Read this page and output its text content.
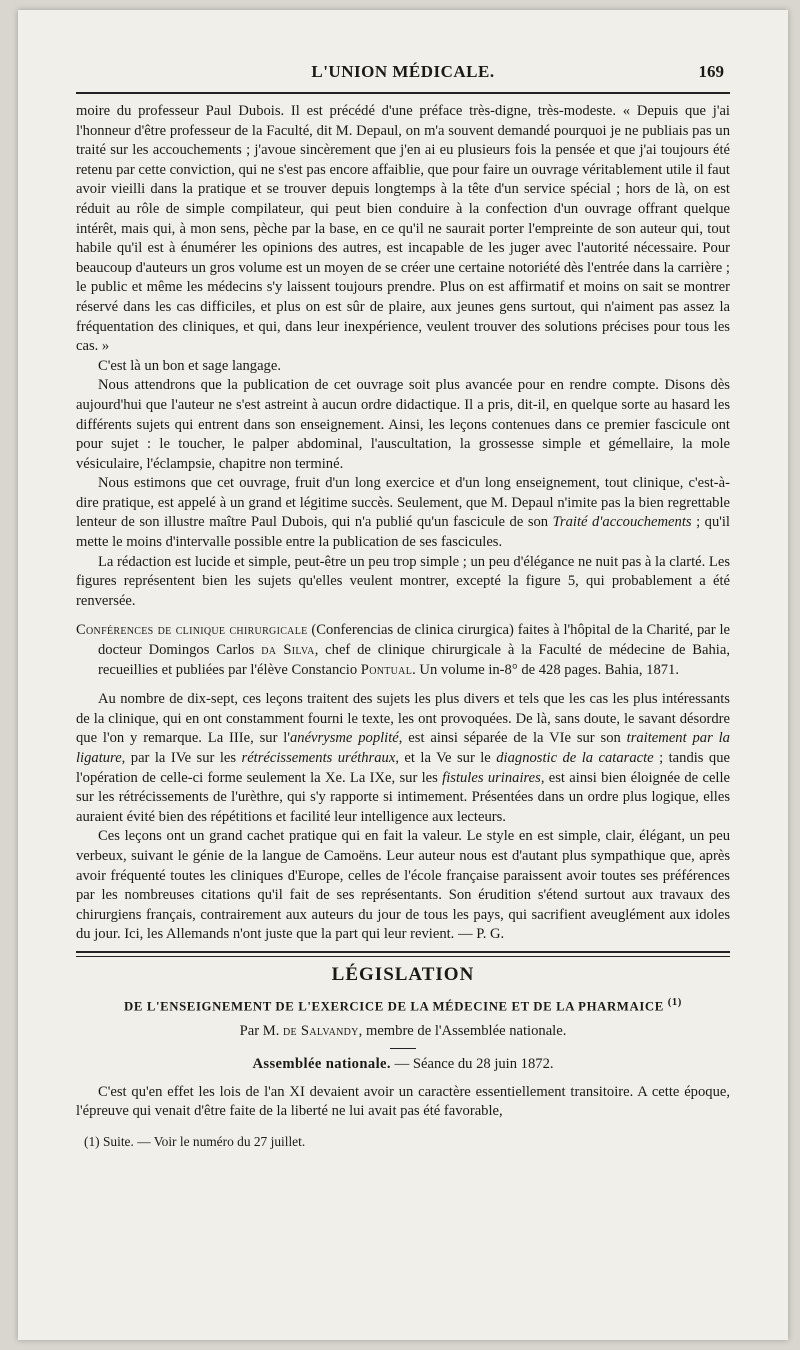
L'UNION MÉDICALE.	169

moire du professeur Paul Dubois. Il est précédé d'une préface très-digne, très-modeste. « Depuis que j'ai l'honneur d'être professeur de la Faculté, dit M. Depaul, on m'a souvent demandé pourquoi je ne publiais pas un traité sur les accouchements ; j'avoue sincèrement que j'en ai eu plusieurs fois la pensée et que j'ai toujours été retenu par cette conviction, qui ne s'est pas encore affaiblie, que pour faire un ouvrage véritablement utile il faut avoir vieilli dans la pratique et se trouver depuis longtemps à la tête d'un service spécial ; hors de là, on est réduit au rôle de simple compilateur, qui peut bien conduire à la confection d'un ouvrage offrant quelque intérêt, mais qui, à mon sens, pèche par la base, en ce qu'il ne saurait porter l'empreinte de son auteur qui, tout habile qu'il est à énumérer les opinions des autres, est incapable de les juger avec l'autorité nécessaire. Pour beaucoup d'auteurs un gros volume est un moyen de se créer une certaine notoriété dès l'entrée dans la carrière ; le public et même les médecins s'y laissent toujours prendre. Plus on est affirmatif et moins on sait se montrer réservé dans les cas difficiles, et plus on est sûr de plaire, aux jeunes gens surtout, qui n'aiment pas assez la fréquentation des cliniques, et qui, dans leur inexpérience, veulent trouver des solutions précises pour tous les cas. »

C'est là un bon et sage langage.

Nous attendrons que la publication de cet ouvrage soit plus avancée pour en rendre compte. Disons dès aujourd'hui que l'auteur ne s'est astreint à aucun ordre didactique. Il a pris, dit-il, en quelque sorte au hasard les différents sujets qui entrent dans son enseignement. Ainsi, les leçons contenues dans ce premier fascicule ont pour sujet : le toucher, le palper abdominal, l'auscultation, la grossesse simple et gémellaire, la mole vésiculaire, l'éclampsie, chapitre non terminé.

Nous estimons que cet ouvrage, fruit d'un long exercice et d'un long enseignement, tout clinique, c'est-à-dire pratique, est appelé à un grand et légitime succès. Seulement, que M. Depaul n'imite pas la bien regrettable lenteur de son illustre maître Paul Dubois, qui n'a publié qu'un fascicule de son Traité d'accouchements ; qu'il mette le moins d'intervalle possible entre la publication de ses fascicules.

La rédaction est lucide et simple, peut-être un peu trop simple ; un peu d'élégance ne nuit pas à la clarté. Les figures représentent bien les sujets qu'elles veulent montrer, excepté la figure 5, qui probablement a été renversée.

Conférences de clinique chirurgicale (Conferencias de clinica cirurgica) faites à l'hôpital de la Charité, par le docteur Domingos Carlos da Silva, chef de clinique chirurgicale à la Faculté de médecine de Bahia, recueillies et publiées par l'élève Constancio Pontual. Un volume in-8° de 428 pages. Bahia, 1871.

Au nombre de dix-sept, ces leçons traitent des sujets les plus divers et tels que les cas les plus intéressants de la clinique, qui en ont constamment fourni le texte, les ont provoquées. De là, sans doute, le savant désordre que l'on y remarque. La IIIe, sur l'anévrysme poplité, est ainsi séparée de la VIe sur son traitement par la ligature, par la IVe sur les rétrécissements uréthraux, et la Ve sur le diagnostic de la cataracte ; tandis que l'opération de celle-ci forme seulement la Xe. La IXe, sur les fistules urinaires, est ainsi bien éloignée de celle sur les rétrécissements de l'urèthre, qui s'y rapporte si intimement. Présentées dans un ordre plus logique, elles auraient évité bien des répétitions et facilité leur intelligence aux lecteurs.

Ces leçons ont un grand cachet pratique qui en fait la valeur. Le style en est simple, clair, élégant, un peu verbeux, suivant le génie de la langue de Camoëns. Leur auteur nous est d'autant plus sympathique que, après avoir fréquenté toutes les cliniques d'Europe, celles de l'école française paraissent avoir toutes ses préférences par les nombreuses citations qu'il fait de ses représentants. Son érudition s'étend surtout aux travaux des chirurgiens français, contrairement aux auteurs du jour de tous les pays, qui sacrifient aveuglément aux idoles du jour. Ici, les Allemands n'ont juste que la part qui leur revient. — P. G.

LÉGISLATION
DE L'ENSEIGNEMENT DE L'EXERCICE DE LA MÉDECINE ET DE LA PHARMAICE $^{(1)}$
Par M. de Salvandy, membre de l'Assemblée nationale.
Assemblée nationale. — Séance du 28 juin 1872.

C'est qu'en effet les lois de l'an XI devaient avoir un caractère essentiellement transitoire. A cette époque, l'épreuve qui venait d'être faite de la liberté ne lui avait pas été favorable,

(1) Suite. — Voir le numéro du 27 juillet.
